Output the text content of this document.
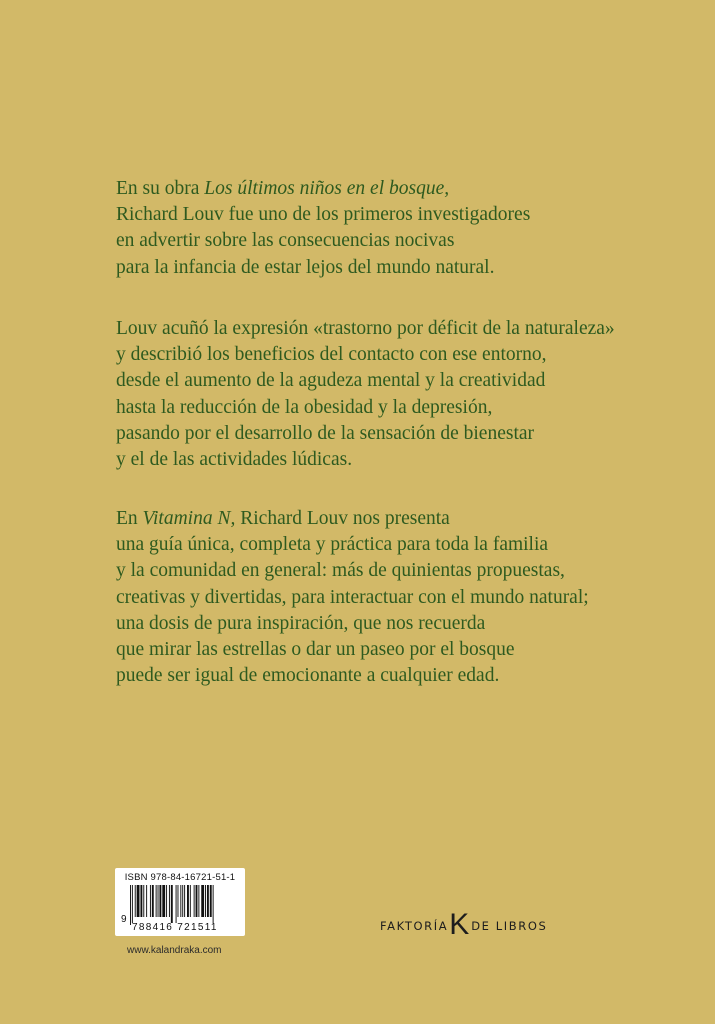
En su obra Los últimos niños en el bosque,
Richard Louv fue uno de los primeros investigadores
en advertir sobre las consecuencias nocivas
para la infancia de estar lejos del mundo natural.
Louv acuñó la expresión «trastorno por déficit de la naturaleza»
y describió los beneficios del contacto con ese entorno,
desde el aumento de la agudeza mental y la creatividad
hasta la reducción de la obesidad y la depresión,
pasando por el desarrollo de la sensación de bienestar
y el de las actividades lúdicas.
En Vitamina N, Richard Louv nos presenta
una guía única, completa y práctica para toda la familia
y la comunidad en general: más de quinientas propuestas,
creativas y divertidas, para interactuar con el mundo natural;
una dosis de pura inspiración, que nos recuerda
que mirar las estrellas o dar un paseo por el bosque
puede ser igual de emocionante a cualquier edad.
ISBN 978-84-16721-51-1
9
788416 721511
www.kalandraka.com
FAKTORÍA K DE LIBROS
